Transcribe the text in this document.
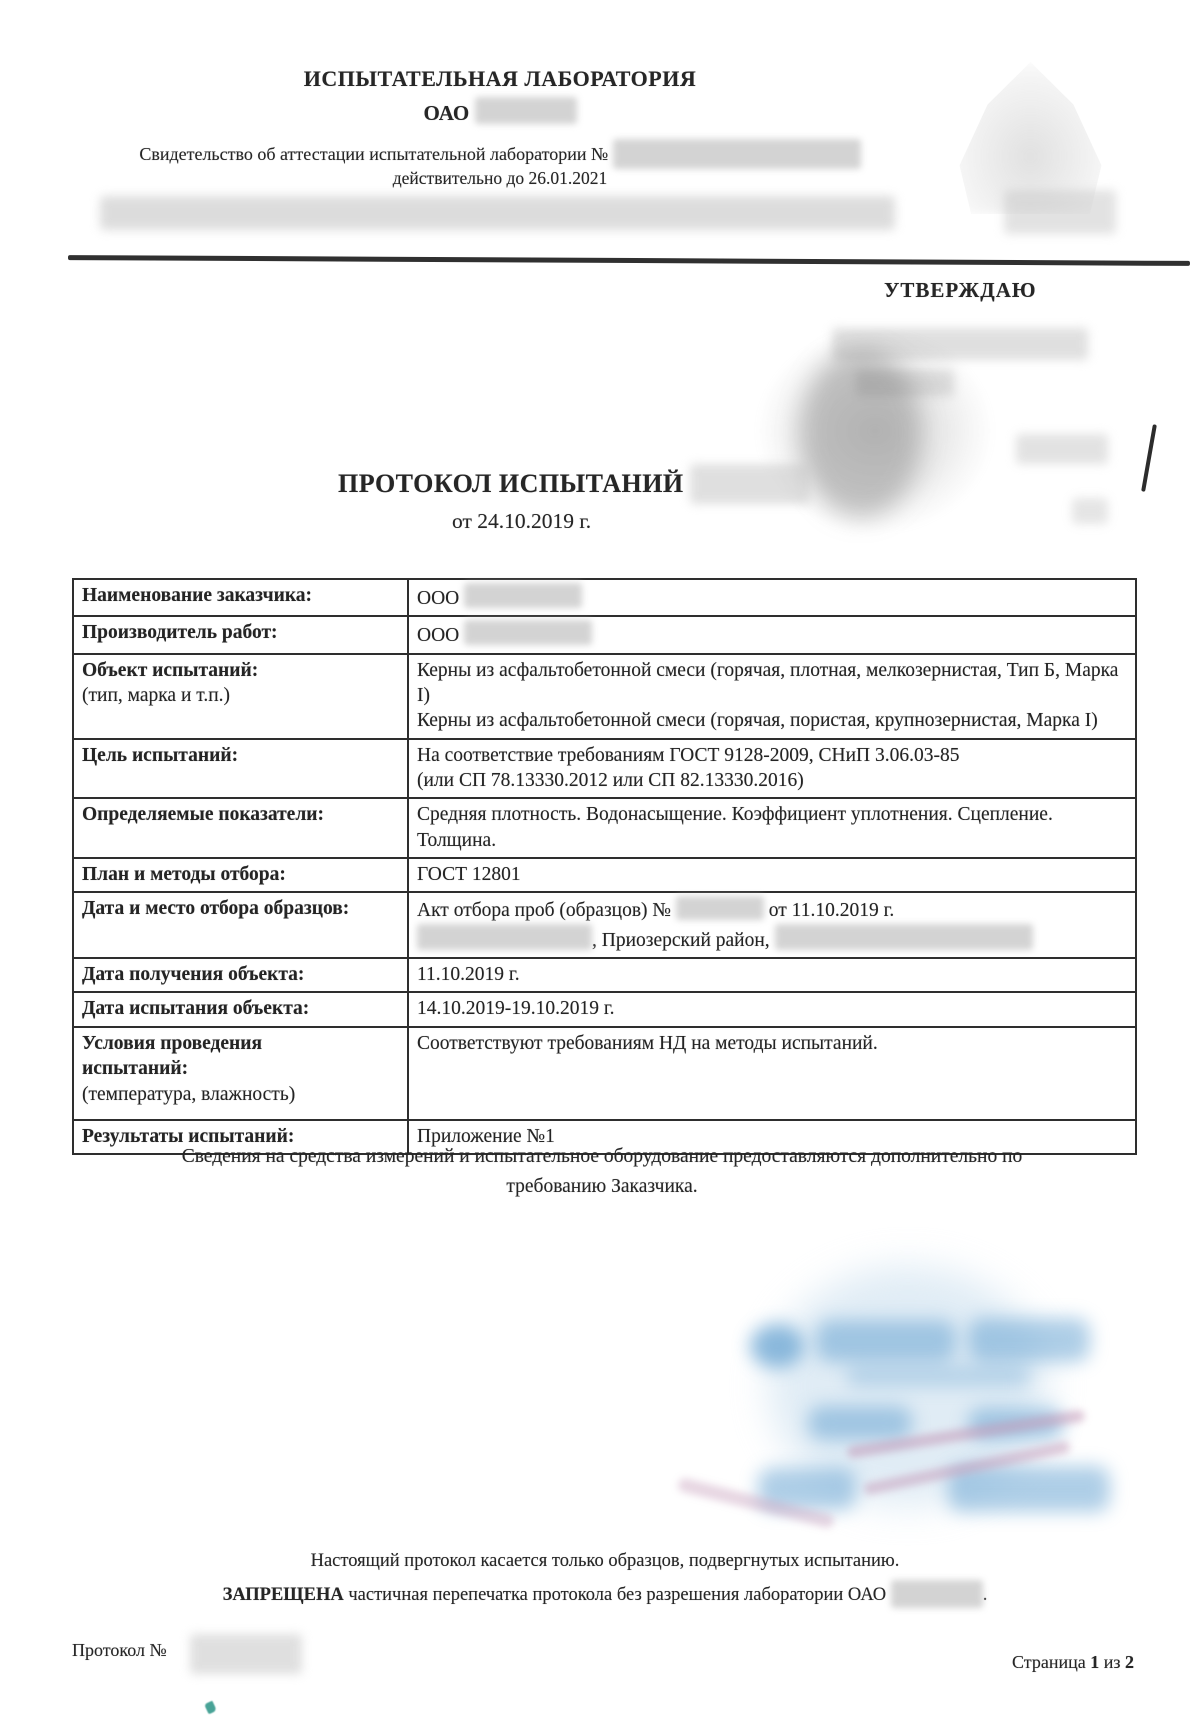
ИСПЫТАТЕЛЬНАЯ ЛАБОРАТОРИЯ
ОАО
Свидетельство об аттестации испытательной лаборатории №
действительно до 26.01.2021
УТВЕРЖДАЮ
ПРОТОКОЛ ИСПЫТАНИЙ
от 24.10.2019 г.
Наименование заказчика:	ООО
Производитель работ:	ООО

Объект испытаний:
(тип, марка и т.п.)	Керны из асфальтобетонной смеси (горячая, плотная, мелкозернистая, Тип Б, Марка I)
Керны из асфальтобетонной смеси (горячая, пористая, крупнозернистая, Марка I)

Цель испытаний:	На соответствие требованиям ГОСТ 9128-2009, СНиП 3.06.03-85
(или СП 78.13330.2012 или СП 82.13330.2016)

Определяемые показатели:	Средняя плотность. Водонасыщение. Коэффициент уплотнения. Сцепление.
Толщина.

План и методы отбора:	ГОСТ 12801
Дата и место отбора образцов:	Акт отбора проб (образцов) № от 11.10.2019 г.
, Приозерский район,

Дата получения объекта:	11.10.2019 г.
Дата испытания объекта:	14.10.2019-19.10.2019 г.

Условия проведения
испытаний:
(температура, влажность)	Соответствуют требованиям НД на методы испытаний.
Результаты испытаний:	Приложение №1
Сведения на средства измерений и испытательное оборудование предоставляются дополнительно по
требованию Заказчика.
Настоящий протокол касается только образцов, подвергнутых испытанию.
ЗАПРЕЩЕНА частичная перепечатка протокола без разрешения лаборатории ОАО	.
Протокол №
Страница 1 из 2
